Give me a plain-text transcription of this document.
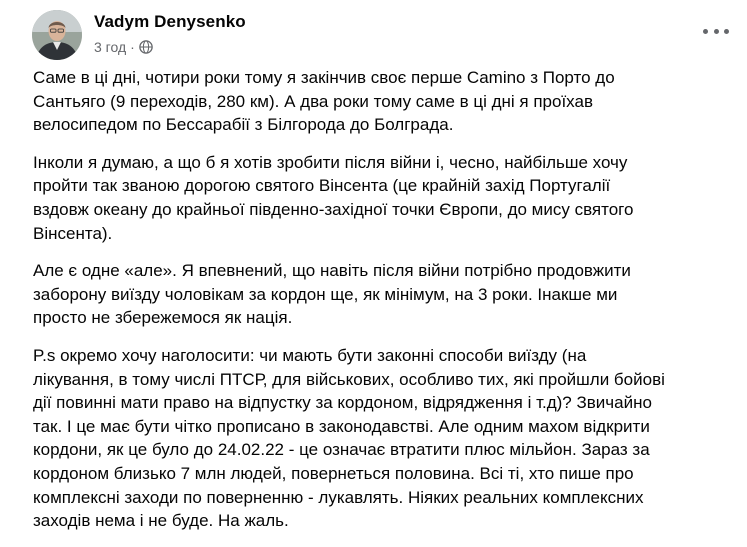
Vadym Denysenko
3 год ·

Саме в ці дні, чотири роки тому я закінчив своє перше Camino з Порто до
Сантьяго (9 переходів, 280 км). А два роки тому саме в ці дні я проїхав
велосипедом по Бессарабії з Білгорода до Болграда.

Інколи я думаю, а що б я хотів зробити після війни і, чесно, найбільше хочу
пройти так званою дорогою святого Вінсента (це крайній захід Португалії
вздовж океану до крайньої південно-західної точки Європи, до мису святого
Вінсента).

Але є одне «але». Я впевнений, що навіть після війни потрібно продовжити
заборону виїзду чоловікам за кордон ще, як мінімум, на 3 роки. Інакше ми
просто не збережемося як нація.

P.s окремо хочу наголосити: чи мають бути законні способи виїзду (на
лікування, в тому числі ПТСР, для військових, особливо тих, які пройшли бойові
дії повинні мати право на відпустку за кордоном, відрядження і т.д)? Звичайно
так. І це має бути чітко прописано в законодавстві. Але одним махом відкрити
кордони, як це було до 24.02.22 - це означає втратити плюс мільйон. Зараз за
кордоном близько 7 млн людей, повернеться половина. Всі ті, хто пише про
комплексні заходи по поверненню - лукавлять. Ніяких реальних комплексних
заходів нема і не буде. На жаль.
